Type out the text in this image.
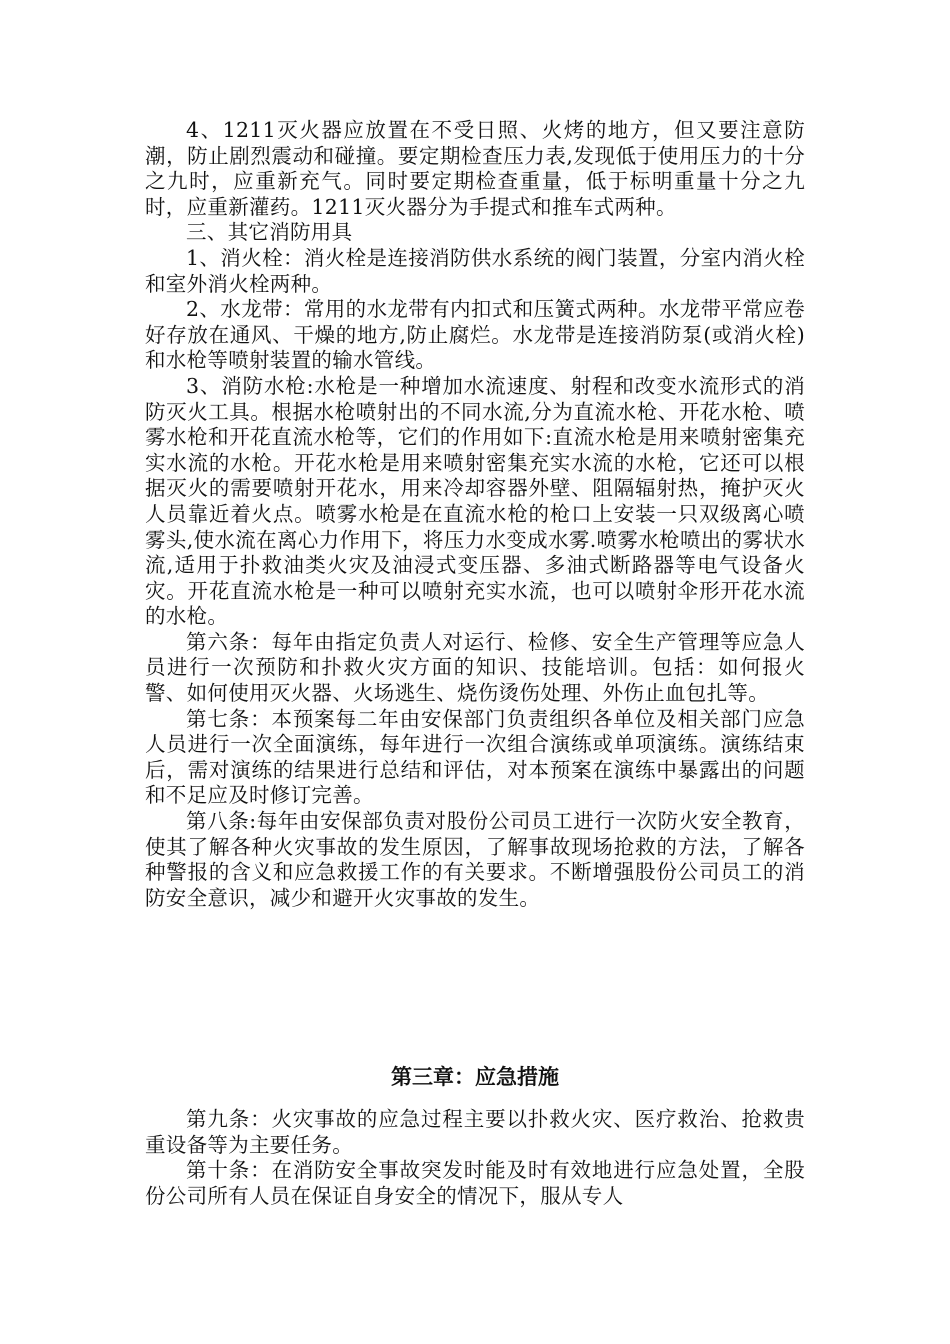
4、1211灭火器应放置在不受日照、火烤的地方，但又要注意防潮，防止剧烈震动和碰撞。要定期检查压力表,发现低于使用压力的十分之九时，应重新充气。同时要定期检查重量，低于标明重量十分之九时，应重新灌药。1211灭火器分为手提式和推车式两种。

三、其它消防用具

1、消火栓：消火栓是连接消防供水系统的阀门装置，分室内消火栓和室外消火栓两种。

2、水龙带：常用的水龙带有内扣式和压簧式两种。水龙带平常应卷好存放在通风、干燥的地方,防止腐烂。水龙带是连接消防泵(或消火栓)和水枪等喷射装置的输水管线。

3、消防水枪:水枪是一种增加水流速度、射程和改变水流形式的消防灭火工具。根据水枪喷射出的不同水流,分为直流水枪、开花水枪、喷雾水枪和开花直流水枪等，它们的作用如下:直流水枪是用来喷射密集充实水流的水枪。开花水枪是用来喷射密集充实水流的水枪，它还可以根据灭火的需要喷射开花水，用来冷却容器外壁、阻隔辐射热，掩护灭火人员靠近着火点。喷雾水枪是在直流水枪的枪口上安装一只双级离心喷雾头,使水流在离心力作用下，将压力水变成水雾.喷雾水枪喷出的雾状水流,适用于扑救油类火灾及油浸式变压器、多油式断路器等电气设备火灾。开花直流水枪是一种可以喷射充实水流，也可以喷射伞形开花水流的水枪。

第六条：每年由指定负责人对运行、检修、安全生产管理等应急人员进行一次预防和扑救火灾方面的知识、技能培训。包括：如何报火警、如何使用灭火器、火场逃生、烧伤烫伤处理、外伤止血包扎等。

第七条：本预案每二年由安保部门负责组织各单位及相关部门应急人员进行一次全面演练，每年进行一次组合演练或单项演练。演练结束后，需对演练的结果进行总结和评估，对本预案在演练中暴露出的问题和不足应及时修订完善。

第八条:每年由安保部负责对股份公司员工进行一次防火安全教育，使其了解各种火灾事故的发生原因，了解事故现场抢救的方法，了解各种警报的含义和应急救援工作的有关要求。不断增强股份公司员工的消防安全意识，减少和避开火灾事故的发生。

第三章：应急措施

第九条：火灾事故的应急过程主要以扑救火灾、医疗救治、抢救贵重设备等为主要任务。

第十条：在消防安全事故突发时能及时有效地进行应急处置，全股份公司所有人员在保证自身安全的情况下，服从专人
